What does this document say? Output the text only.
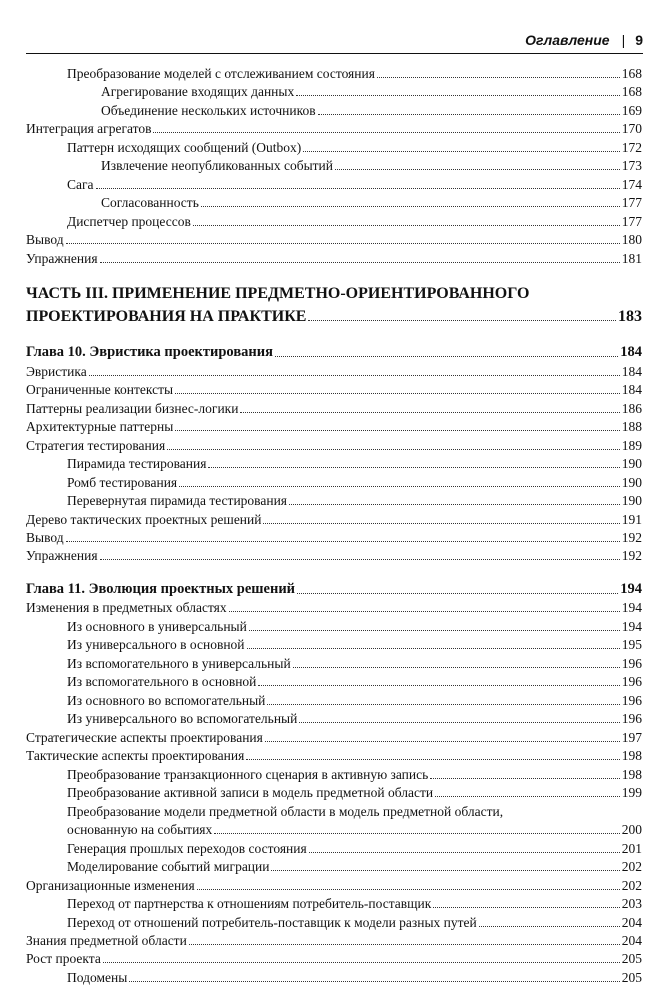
Оглавление | 9
Преобразование моделей с отслеживанием состояния	168
Агрегирование входящих данных	168
Объединение нескольких источников	169
Интеграция агрегатов	170
Паттерн исходящих сообщений (Outbox)	172
Извлечение неопубликованных событий	173
Сага	174
Согласованность	177
Диспетчер процессов	177
Вывод	180
Упражнения	181
ЧАСТЬ III. ПРИМЕНЕНИЕ ПРЕДМЕТНО-ОРИЕНТИРОВАННОГО
ПРОЕКТИРОВАНИЯ НА ПРАКТИКЕ	183
Глава 10. Эвристика проектирования	184
Эвристика	184
Ограниченные контексты	184
Паттерны реализации бизнес-логики	186
Архитектурные паттерны	188
Стратегия тестирования	189
Пирамида тестирования	190
Ромб тестирования	190
Перевернутая пирамида тестирования	190
Дерево тактических проектных решений	191
Вывод	192
Упражнения	192
Глава 11. Эволюция проектных решений	194
Изменения в предметных областях	194
Из основного в универсальный	194
Из универсального в основной	195
Из вспомогательного в универсальный	196
Из вспомогательного в основной	196
Из основного во вспомогательный	196
Из универсального во вспомогательный	196
Стратегические аспекты проектирования	197
Тактические аспекты проектирования	198
Преобразование транзакционного сценария в активную запись	198
Преобразование активной записи в модель предметной области	199
Преобразование модели предметной области в модель предметной области,
основанную на событиях	200
Генерация прошлых переходов состояния	201
Моделирование событий миграции	202
Организационные изменения	202
Переход от партнерства к отношениям потребитель-поставщик	203
Переход от отношений потребитель-поставщик к модели разных путей	204
Знания предметной области	204
Рост проекта	205
Подомены	205
